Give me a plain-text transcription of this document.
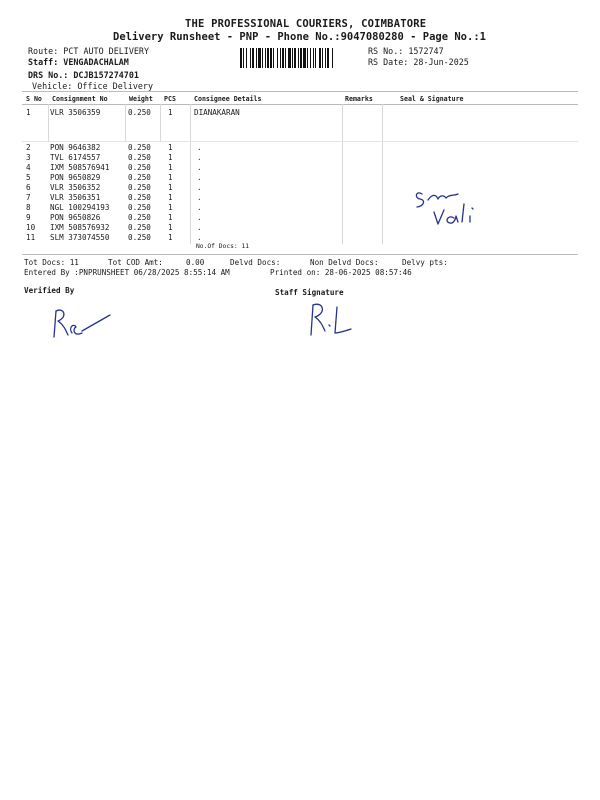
THE PROFESSIONAL COURIERS, COIMBATORE
Delivery Runsheet - PNP - Phone No.:9047080280 - Page No.:1
Route: PCT AUTO DELIVERY
Staff: VENGADACHALAM
DRS No.: DCJB157274701
Vehicle: Office Delivery
RS No.: 1572747
RS Date: 28-Jun-2025
S No Consignment No	Weight PCS	Consignee Details	Remarks	Seal & Signature
1	VLR 3506359	0.250 1	DIANAKARAN
2	PON 9646382	0.250 1	.
3	TVL 6174557	0.250 1	.
4	IXM 508576941 0.250 1	.
5	PON 9650829	0.250 1	.
6	VLR 3506352	0.250 1	.
7	VLR 3506351	0.250 1	.
8	NGL 100294193 0.250 1	.
9	PON 9650826	0.250 1	.
10 IXM 508576932 0.250 1	.
11 SLM 373074550 0.250 1	.
No.Of Docs: 11
Tot Docs: 11	Tot COD Amt:	0.00	Delvd Docs:	Non Delvd Docs:	Delvy pts:
Entered By :PNPRUNSHEET 06/28/2025 8:55:14 AM	Printed on: 28-06-2025 08:57:46
Verified By	Staff Signature
